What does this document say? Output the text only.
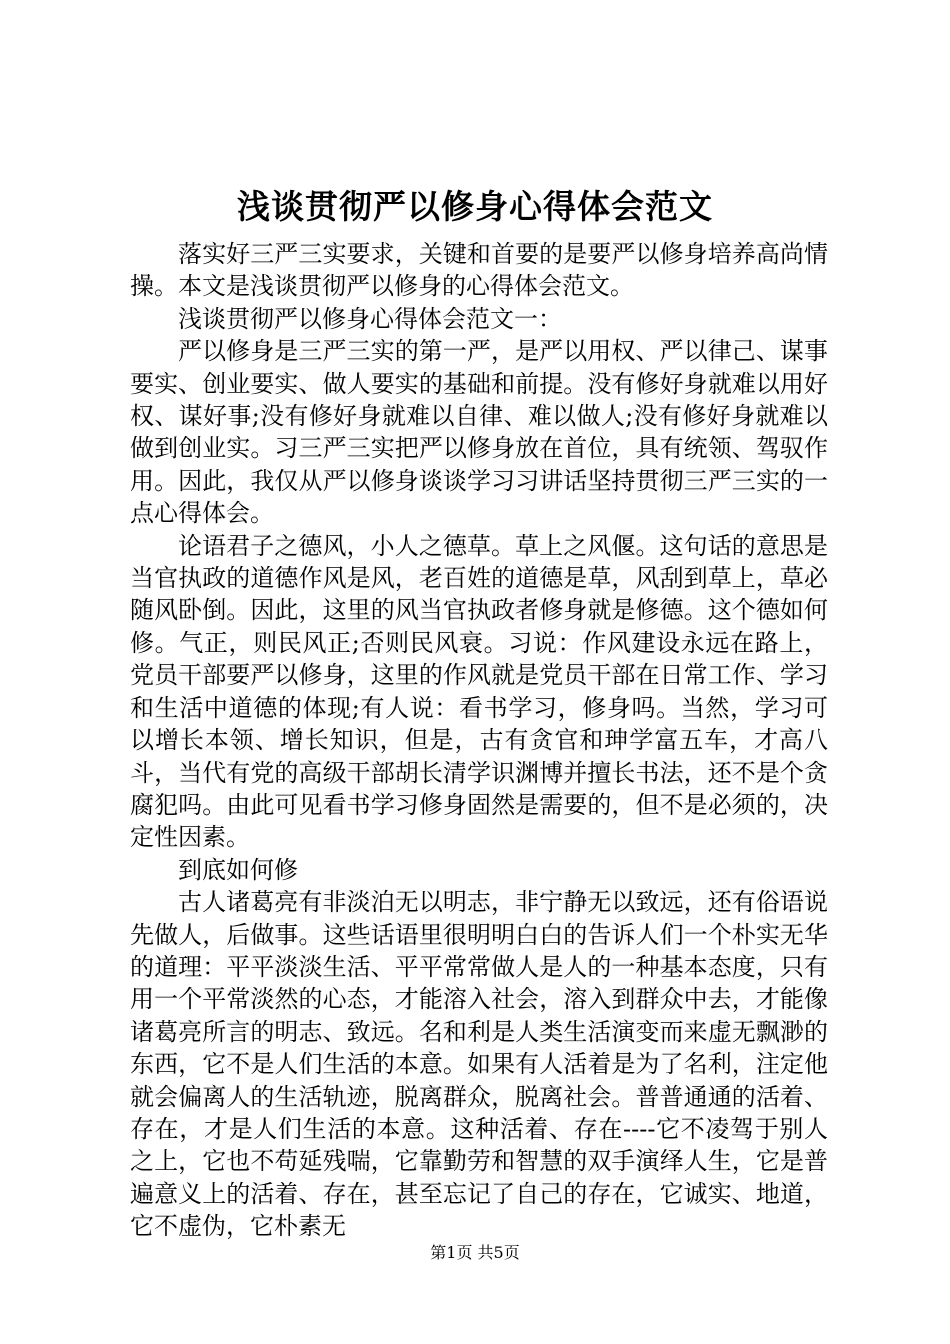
浅谈贯彻严以修身心得体会范文

落实好三严三实要求，关键和首要的是要严以修身培养高尚情操。本文是浅谈贯彻严以修身的心得体会范文。

浅谈贯彻严以修身心得体会范文一：

严以修身是三严三实的第一严，是严以用权、严以律己、谋事要实、创业要实、做人要实的基础和前提。没有修好身就难以用好权、谋好事;没有修好身就难以自律、难以做人;没有修好身就难以做到创业实。习三严三实把严以修身放在首位，具有统领、驾驭作用。因此，我仅从严以修身谈谈学习习讲话坚持贯彻三严三实的一点心得体会。

论语君子之德风，小人之德草。草上之风偃。这句话的意思是当官执政的道德作风是风，老百姓的道德是草，风刮到草上，草必随风卧倒。因此，这里的风当官执政者修身就是修德。这个德如何修。气正，则民风正;否则民风衰。习说：作风建设永远在路上，党员干部要严以修身，这里的作风就是党员干部在日常工作、学习和生活中道德的体现;有人说：看书学习，修身吗。当然，学习可以增长本领、增长知识，但是，古有贪官和珅学富五车，才高八斗，当代有党的高级干部胡长清学识渊博并擅长书法，还不是个贪腐犯吗。由此可见看书学习修身固然是需要的，但不是必须的，决定性因素。

到底如何修

古人诸葛亮有非淡泊无以明志，非宁静无以致远，还有俗语说先做人，后做事。这些话语里很明明白白的告诉人们一个朴实无华的道理：平平淡淡生活、平平常常做人是人的一种基本态度，只有用一个平常淡然的心态，才能溶入社会，溶入到群众中去，才能像诸葛亮所言的明志、致远。名和利是人类生活演变而来虚无飘渺的东西，它不是人们生活的本意。如果有人活着是为了名利，注定他就会偏离人的生活轨迹，脱离群众，脱离社会。普普通通的活着、存在，才是人们生活的本意。这种活着、存在----它不凌驾于别人之上，它也不苟延残喘，它靠勤劳和智慧的双手演绎人生，它是普遍意义上的活着、存在，甚至忘记了自己的存在，它诚实、地道，它不虚伪，它朴素无

第1页 共5页
